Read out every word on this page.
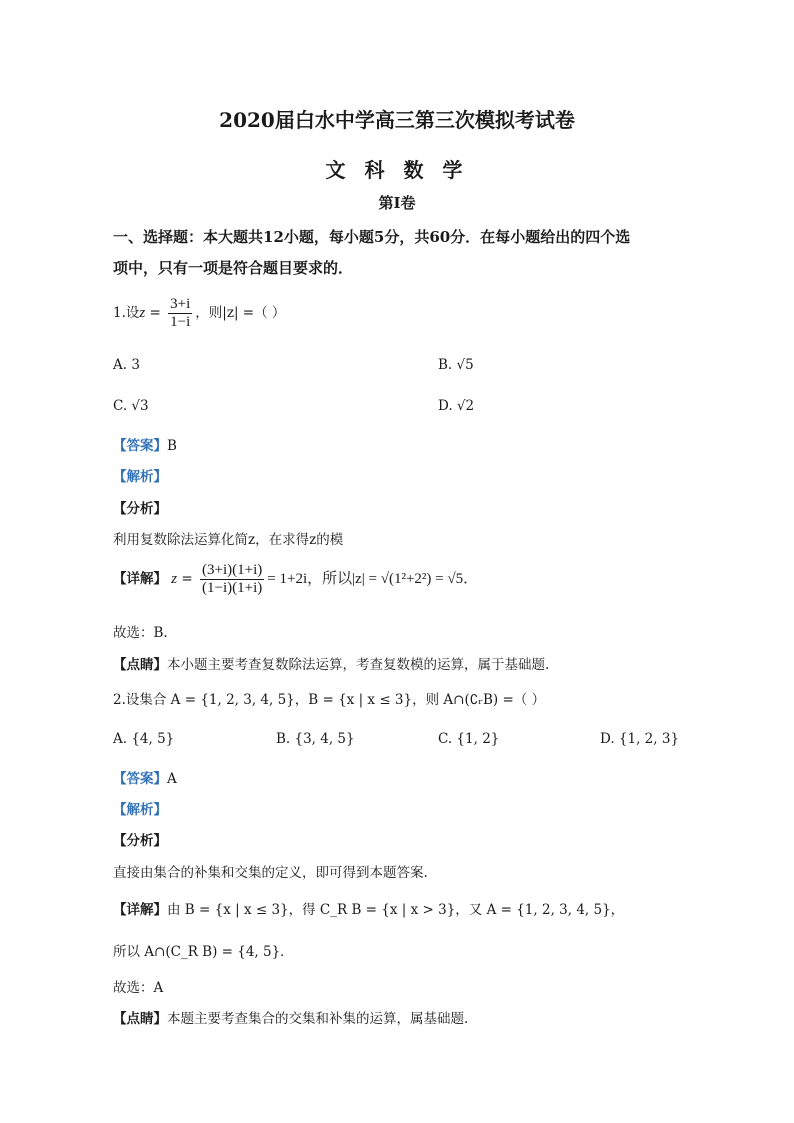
2020届白水中学高三第三次模拟考试卷
文 科 数 学
第Ⅰ卷
一、选择题：本大题共12小题，每小题5分，共60分．在每小题给出的四个选
项中，只有一项是符合题目要求的．
1.设$z = \frac{3+i}{1-i}$ ，则|z| =（ ）
A. 3	B. √5
C. √3	D. √2
【答案】B
【解析】
【分析】
利用复数除法运算化简z，在求得z的模
【详解】 $z = \frac{(3+i)(1+i)}{(1-i)(1+i)} = 1+2i$，所以|z| = √(1²+2²) = √5．
故选：B.
【点睛】本小题主要考查复数除法运算，考查复数模的运算，属于基础题.
2.设集合 A = {1, 2, 3, 4, 5}，B = {x | x ≤ 3}，则 A∩(∁ᵣB) =（ ）
A. {4, 5}	B. {3, 4, 5}	C. {1, 2}	D. {1, 2, 3}
【答案】A
【解析】
【分析】
直接由集合的补集和交集的定义，即可得到本题答案.
【详解】由 B = {x | x ≤ 3}，得 C_R B = {x | x > 3}，又 A = {1, 2, 3, 4, 5}，
所以 A∩(C_R B) = {4, 5}．
故选：A
【点睛】本题主要考查集合的交集和补集的运算，属基础题.
